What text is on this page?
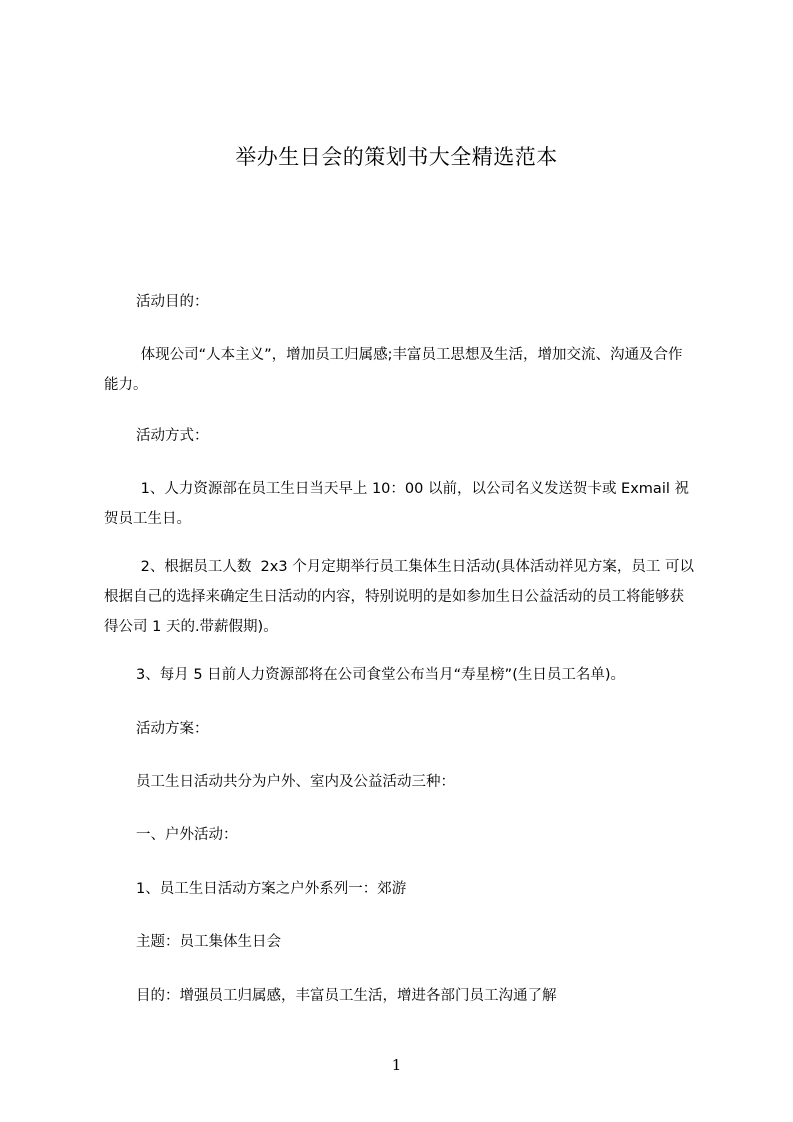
举办生日会的策划书大全精选范本

活动目的：

体现公司“人本主义”，增加员工归属感;丰富员工思想及生活，增加交流、沟通及合作能力。

活动方式：

1、人力资源部在员工生日当天早上 10：00 以前，以公司名义发送贺卡或 Exmail 祝贺员工生日。

2、根据员工人数  2x3 个月定期举行员工集体生日活动(具体活动祥见方案，员工 可以根据自己的选择来确定生日活动的内容，特别说明的是如参加生日公益活动的员工将能够获得公司 1 天的.带薪假期)。

3、每月 5 日前人力资源部将在公司食堂公布当月“寿星榜”(生日员工名单)。

活动方案：

员工生日活动共分为户外、室内及公益活动三种：

一、户外活动：

1、员工生日活动方案之户外系列一：郊游

主题：员工集体生日会

目的：增强员工归属感，丰富员工生活，增进各部门员工沟通了解

1
